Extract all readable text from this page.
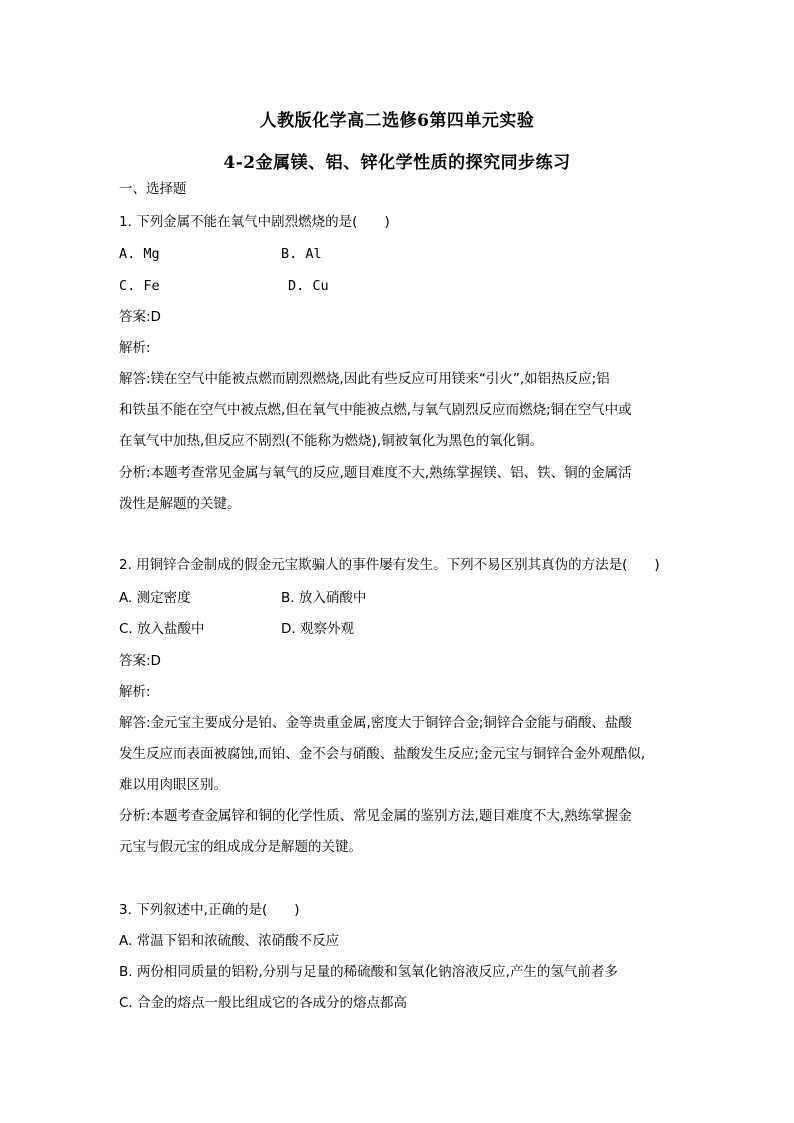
人教版化学高二选修6第四单元实验
4-2金属镁、铝、锌化学性质的探究同步练习
一、选择题
1. 下列金属不能在氧气中剧烈燃烧的是(　　)
A. Mg	B. Al
C. Fe	D. Cu
答案:D
解析:
解答:镁在空气中能被点燃而剧烈燃烧,因此有些反应可用镁来“引火”,如铝热反应;铝
和铁虽不能在空气中被点燃,但在氧气中能被点燃,与氧气剧烈反应而燃烧;铜在空气中或
在氧气中加热,但反应不剧烈(不能称为燃烧),铜被氧化为黑色的氧化铜。
分析:本题考查常见金属与氧气的反应,题目难度不大,熟练掌握镁、铝、铁、铜的金属活
泼性是解题的关键。
2. 用铜锌合金制成的假金元宝欺骗人的事件屡有发生。下列不易区别其真伪的方法是(　　)
A. 测定密度	B. 放入硝酸中
C. 放入盐酸中	D. 观察外观
答案:D
解析:
解答:金元宝主要成分是铂、金等贵重金属,密度大于铜锌合金;铜锌合金能与硝酸、盐酸
发生反应而表面被腐蚀,而铂、金不会与硝酸、盐酸发生反应;金元宝与铜锌合金外观酷似,
难以用肉眼区别。
分析:本题考查金属锌和铜的化学性质、常见金属的鉴别方法,题目难度不大,熟练掌握金
元宝与假元宝的组成成分是解题的关键。
3. 下列叙述中,正确的是(　　)
A. 常温下铝和浓硫酸、浓硝酸不反应
B. 两份相同质量的铝粉,分别与足量的稀硫酸和氢氧化钠溶液反应,产生的氢气前者多
C. 合金的熔点一般比组成它的各成分的熔点都高
